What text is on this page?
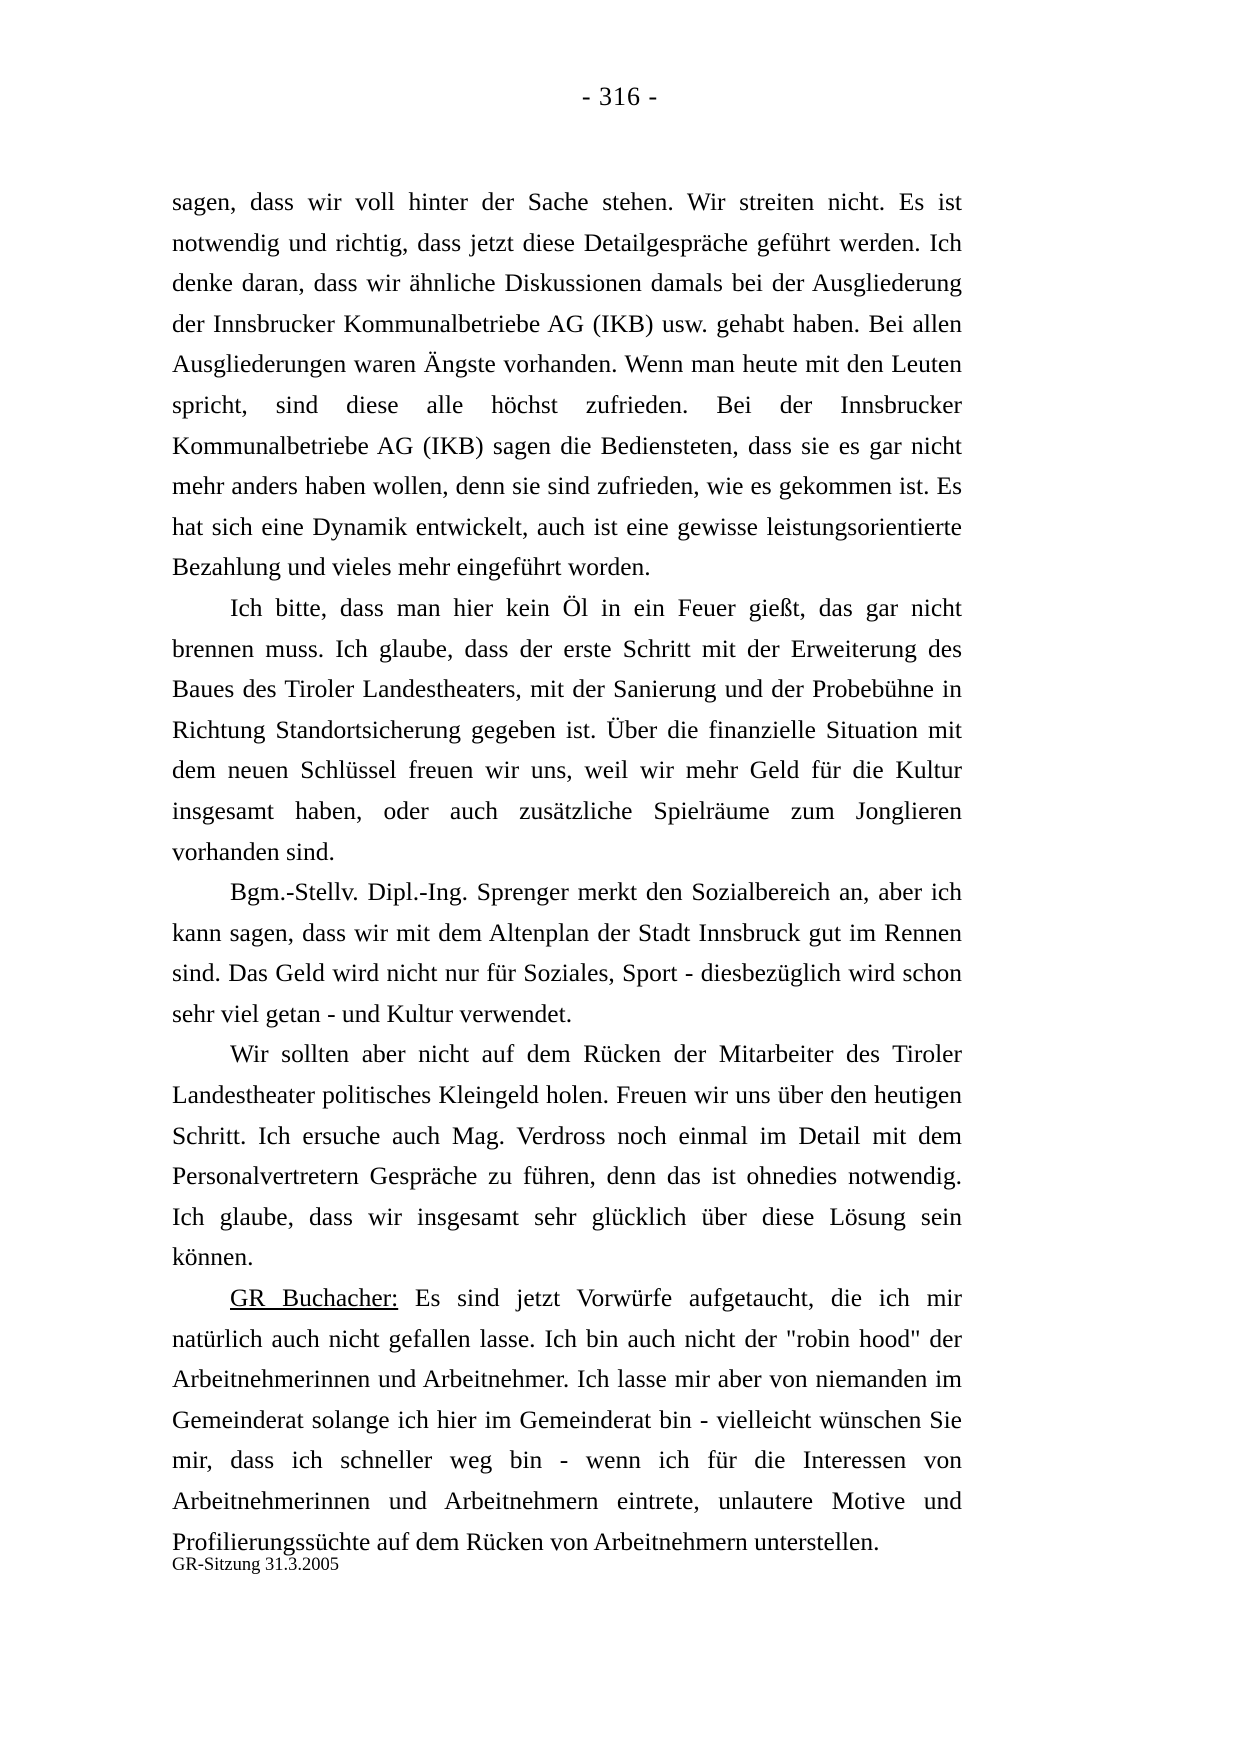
- 316 -

sagen, dass wir voll hinter der Sache stehen. Wir streiten nicht. Es ist notwendig und richtig, dass jetzt diese Detailgespräche geführt werden. Ich denke daran, dass wir ähnliche Diskussionen damals bei der Ausgliederung der Innsbrucker Kommunalbetriebe AG (IKB) usw. gehabt haben. Bei allen Ausgliederungen waren Ängste vorhanden. Wenn man heute mit den Leuten spricht, sind diese alle höchst zufrieden. Bei der Innsbrucker Kommunalbetriebe AG (IKB) sagen die Bediensteten, dass sie es gar nicht mehr anders haben wollen, denn sie sind zufrieden, wie es gekommen ist. Es hat sich eine Dynamik entwickelt, auch ist eine gewisse leistungsorientierte Bezahlung und vieles mehr eingeführt worden.

Ich bitte, dass man hier kein Öl in ein Feuer gießt, das gar nicht brennen muss. Ich glaube, dass der erste Schritt mit der Erweiterung des Baues des Tiroler Landestheaters, mit der Sanierung und der Probebühne in Richtung Standortsicherung gegeben ist. Über die finanzielle Situation mit dem neuen Schlüssel freuen wir uns, weil wir mehr Geld für die Kultur insgesamt haben, oder auch zusätzliche Spielräume zum Jonglieren vorhanden sind.

Bgm.-Stellv. Dipl.-Ing. Sprenger merkt den Sozialbereich an, aber ich kann sagen, dass wir mit dem Altenplan der Stadt Innsbruck gut im Rennen sind. Das Geld wird nicht nur für Soziales, Sport - diesbezüglich wird schon sehr viel getan - und Kultur verwendet.

Wir sollten aber nicht auf dem Rücken der Mitarbeiter des Tiroler Landestheater politisches Kleingeld holen. Freuen wir uns über den heutigen Schritt. Ich ersuche auch Mag. Verdross noch einmal im Detail mit dem Personalvertretern Gespräche zu führen, denn das ist ohnedies notwendig. Ich glaube, dass wir insgesamt sehr glücklich über diese Lösung sein können.

GR Buchacher: Es sind jetzt Vorwürfe aufgetaucht, die ich mir natürlich auch nicht gefallen lasse. Ich bin auch nicht der "robin hood" der Arbeitnehmerinnen und Arbeitnehmer. Ich lasse mir aber von niemanden im Gemeinderat solange ich hier im Gemeinderat bin - vielleicht wünschen Sie mir, dass ich schneller weg bin - wenn ich für die Interessen von Arbeitnehmerinnen und Arbeitnehmern eintrete, unlautere Motive und Profilierungssüchte auf dem Rücken von Arbeitnehmern unterstellen.

GR-Sitzung 31.3.2005
